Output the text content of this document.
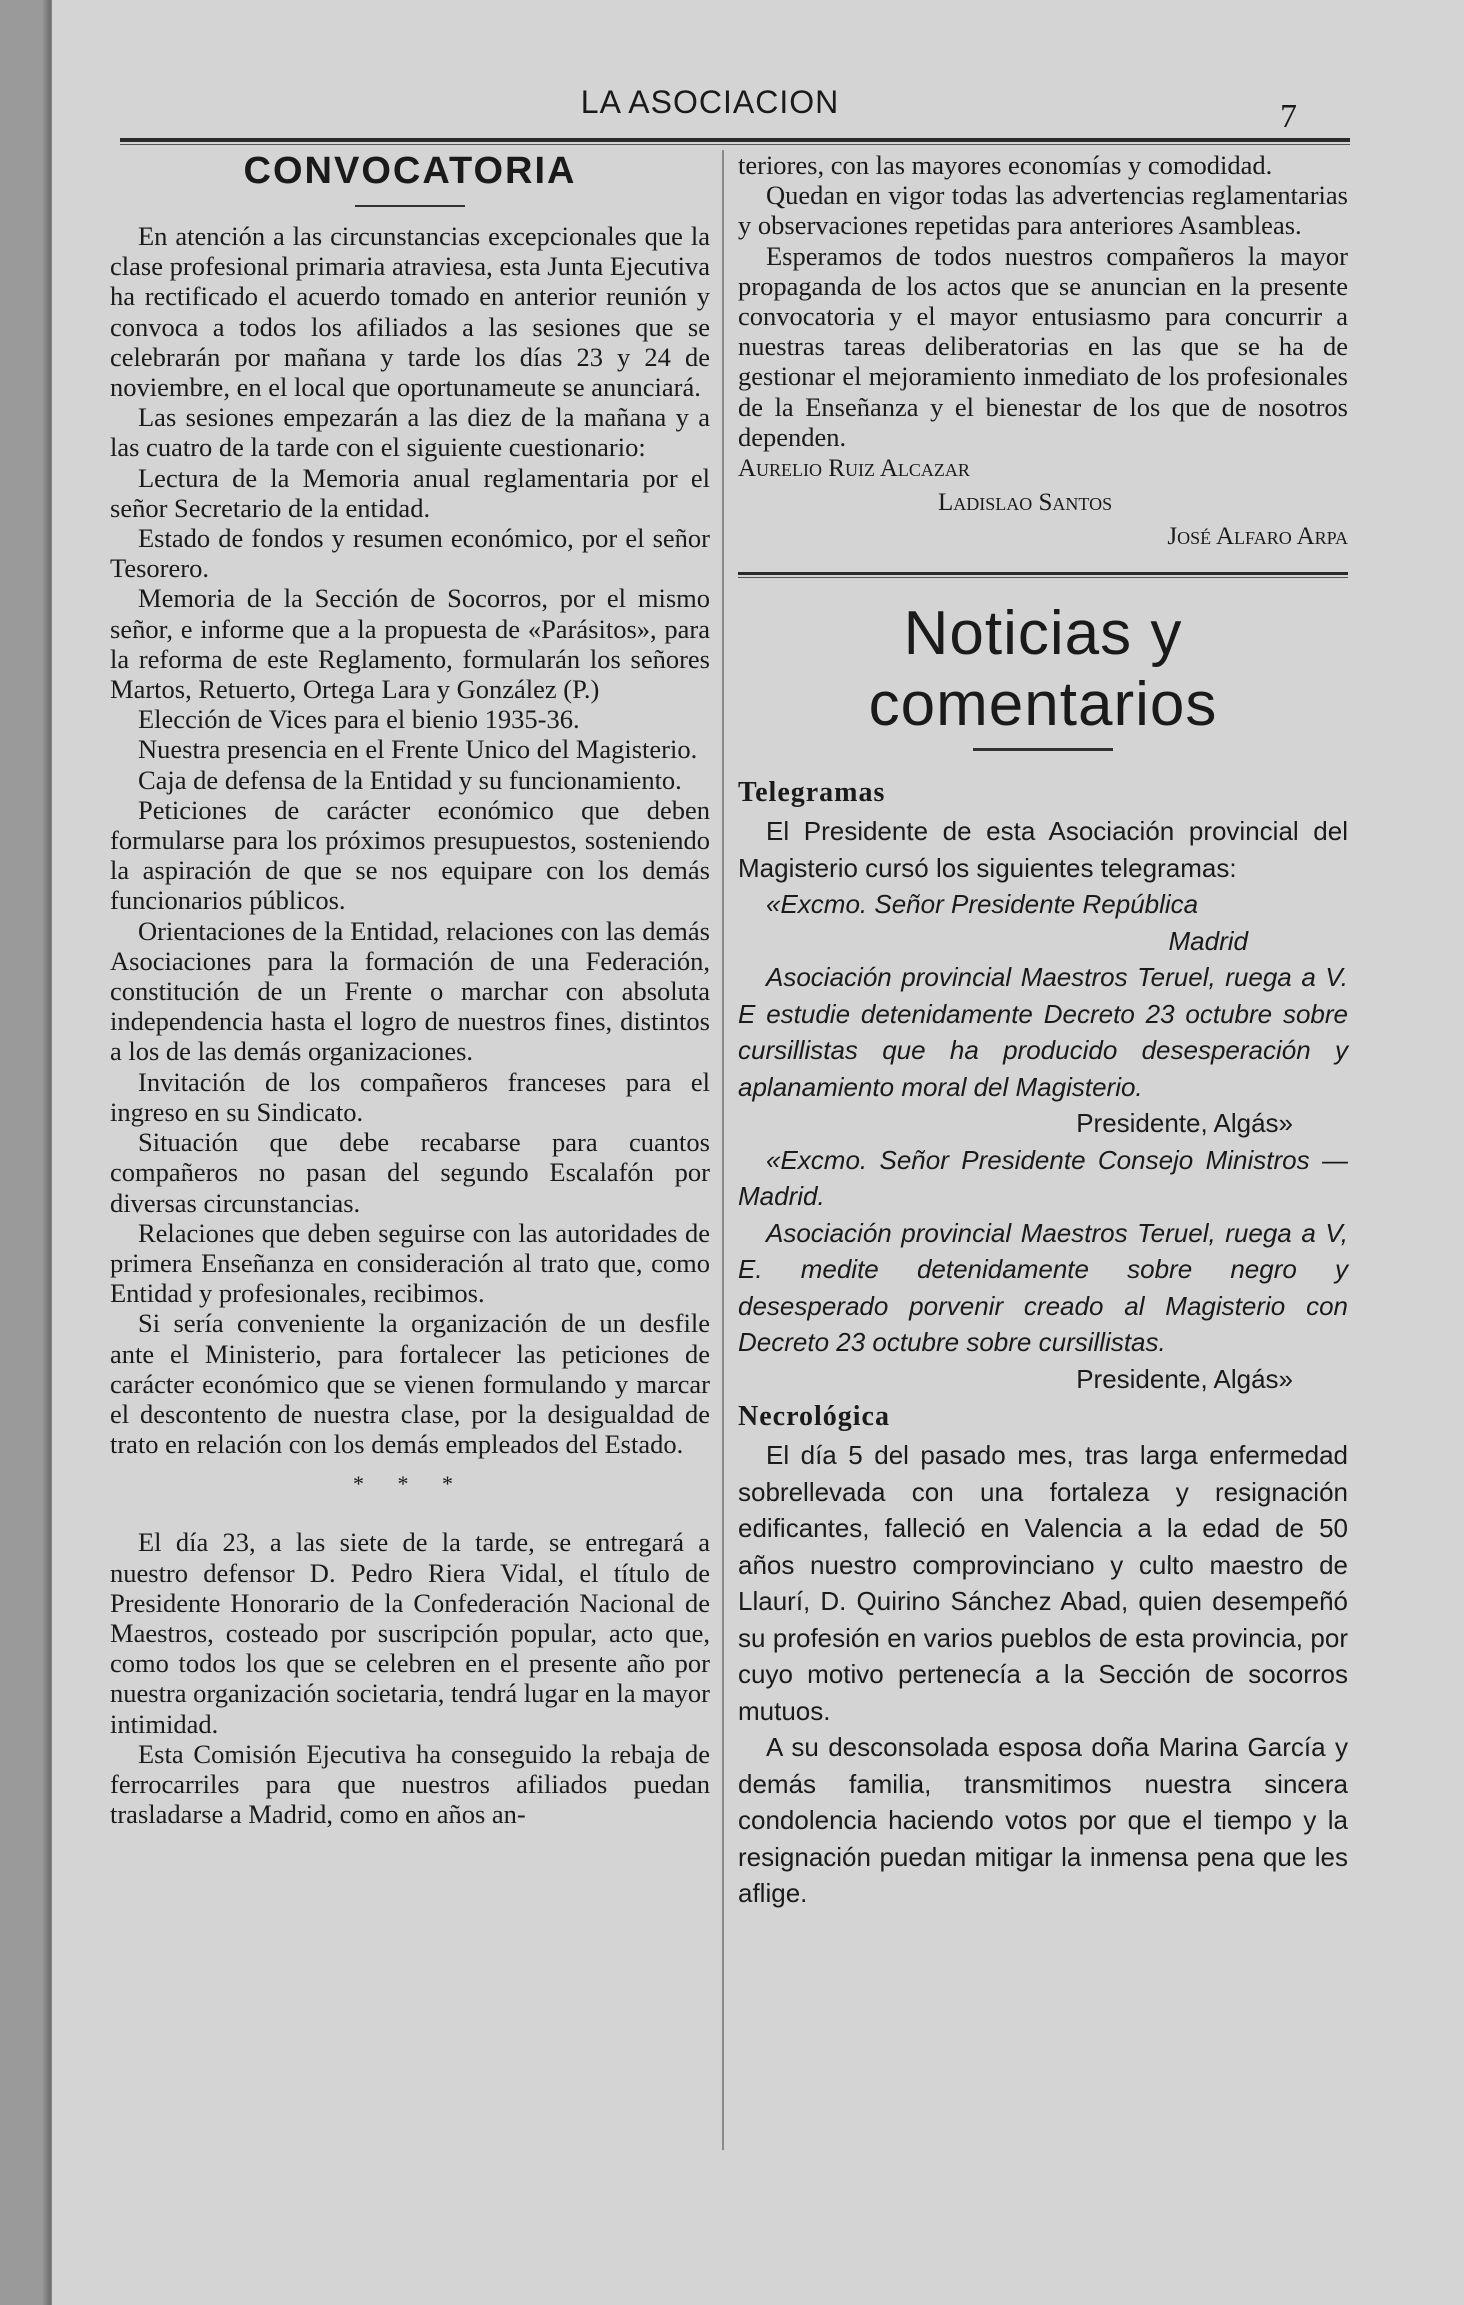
LA ASOCIACION	7
CONVOCATORIA
En atención a las circunstancias excepcionales que la clase profesional primaria atraviesa, esta Junta Ejecutiva ha rectificado el acuerdo tomado en anterior reunión y convoca a todos los afiliados a las sesiones que se celebrarán por mañana y tarde los días 23 y 24 de noviembre, en el local que oportunameute se anunciará.
Las sesiones empezarán a las diez de la mañana y a las cuatro de la tarde con el siguiente cuestionario:
Lectura de la Memoria anual reglamentaria por el señor Secretario de la entidad.
Estado de fondos y resumen económico, por el señor Tesorero.
Memoria de la Sección de Socorros, por el mismo señor, e informe que a la propuesta de «Parásitos», para la reforma de este Reglamento, formularán los señores Martos, Retuerto, Ortega Lara y González (P.)
Elección de Vices para el bienio 1935-36.
Nuestra presencia en el Frente Unico del Magisterio.
Caja de defensa de la Entidad y su funcionamiento.
Peticiones de carácter económico que deben formularse para los próximos presupuestos, sosteniendo la aspiración de que se nos equipare con los demás funcionarios públicos.
Orientaciones de la Entidad, relaciones con las demás Asociaciones para la formación de una Federación, constitución de un Frente o marchar con absoluta independencia hasta el logro de nuestros fines, distintos a los de las demás organizaciones.
Invitación de los compañeros franceses para el ingreso en su Sindicato.
Situación que debe recabarse para cuantos compañeros no pasan del segundo Escalafón por diversas circunstancias.
Relaciones que deben seguirse con las autoridades de primera Enseñanza en consideración al trato que, como Entidad y profesionales, recibimos.
Si sería conveniente la organización de un desfile ante el Ministerio, para fortalecer las peticiones de carácter económico que se vienen formulando y marcar el descontento de nuestra clase, por la desigualdad de trato en relación con los demás empleados del Estado.
* * *
El día 23, a las siete de la tarde, se entregará a nuestro defensor D. Pedro Riera Vidal, el título de Presidente Honorario de la Confederación Nacional de Maestros, costeado por suscripción popular, acto que, como todos los que se celebren en el presente año por nuestra organización societaria, tendrá lugar en la mayor intimidad.
Esta Comisión Ejecutiva ha conseguido la rebaja de ferrocarriles para que nuestros afiliados puedan trasladarse a Madrid, como en años an-
teriores, con las mayores economías y comodidad.
Quedan en vigor todas las advertencias reglamentarias y observaciones repetidas para anteriores Asambleas.
Esperamos de todos nuestros compañeros la mayor propaganda de los actos que se anuncian en la presente convocatoria y el mayor entusiasmo para concurrir a nuestras tareas deliberatorias en las que se ha de gestionar el mejoramiento inmediato de los profesionales de la Enseñanza y el bienestar de los que de nosotros dependen.
Aurelio Ruiz Alcazar
Ladislao Santos
José Alfaro Arpa
Noticias y comentarios
Telegramas
El Presidente de esta Asociación provincial del Magisterio cursó los siguientes telegramas:
«Excmo. Señor Presidente República
Madrid
Asociación provincial Maestros Teruel, ruega a V. E estudie detenidamente Decreto 23 octubre sobre cursillistas que ha producido desesperación y aplanamiento moral del Magisterio.
Presidente, Algás»
«Excmo. Señor Presidente Consejo Ministros — Madrid.
Asociación provincial Maestros Teruel, ruega a V, E. medite detenidamente sobre negro y desesperado porvenir creado al Magisterio con Decreto 23 octubre sobre cursillistas.
Presidente, Algás»
Necrológica
El día 5 del pasado mes, tras larga enfermedad sobrellevada con una fortaleza y resignación edificantes, falleció en Valencia a la edad de 50 años nuestro comprovinciano y culto maestro de Llaurí, D. Quirino Sánchez Abad, quien desempeñó su profesión en varios pueblos de esta provincia, por cuyo motivo pertenecía a la Sección de socorros mutuos.
A su desconsolada esposa doña Marina García y demás familia, transmitimos nuestra sincera condolencia haciendo votos por que el tiempo y la resignación puedan mitigar la inmensa pena que les aflige.
